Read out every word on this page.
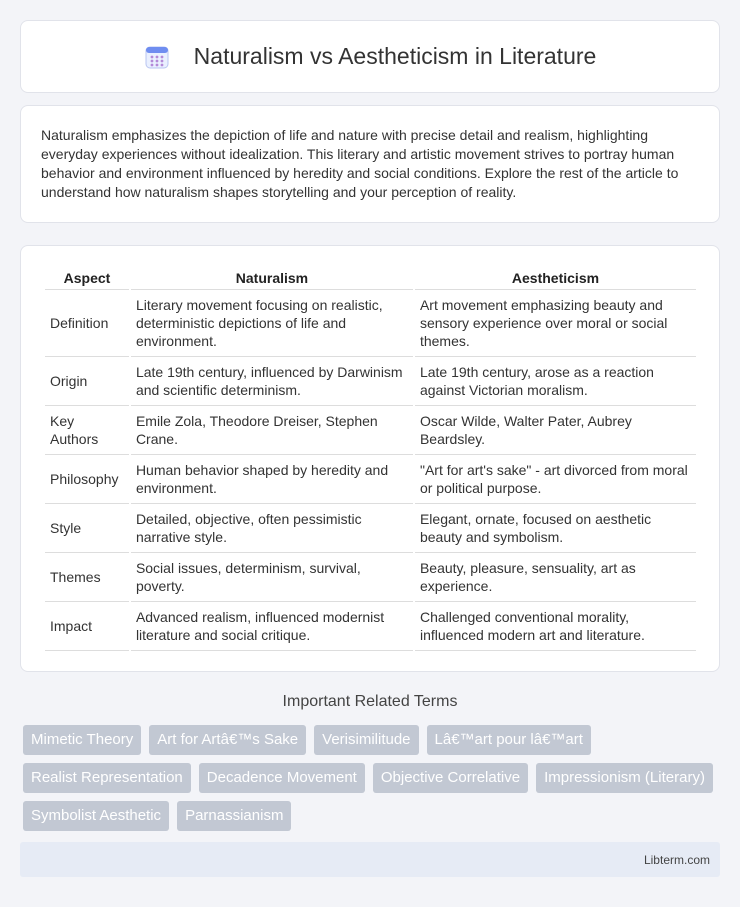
Naturalism vs Aestheticism in Literature

Naturalism emphasizes the depiction of life and nature with precise detail and realism, highlighting everyday experiences without idealization. This literary and artistic movement strives to portray human behavior and environment influenced by heredity and social conditions. Explore the rest of the article to understand how naturalism shapes storytelling and your perception of reality.

Aspect	Naturalism	Aestheticism
Definition	Literary movement focusing on realistic, deterministic depictions of life and environment.	Art movement emphasizing beauty and sensory experience over moral or social themes.
Origin	Late 19th century, influenced by Darwinism and scientific determinism.	Late 19th century, arose as a reaction against Victorian moralism.
Key Authors	Emile Zola, Theodore Dreiser, Stephen Crane.	Oscar Wilde, Walter Pater, Aubrey Beardsley.
Philosophy	Human behavior shaped by heredity and environment.	"Art for art's sake" - art divorced from moral or political purpose.
Style	Detailed, objective, often pessimistic narrative style.	Elegant, ornate, focused on aesthetic beauty and symbolism.
Themes	Social issues, determinism, survival, poverty.	Beauty, pleasure, sensuality, art as experience.
Impact	Advanced realism, influenced modernist literature and social critique.	Challenged conventional morality, influenced modern art and literature.
Important Related Terms
Mimetic Theory	Art for Artâ€™s Sake	Verisimilitude	Lâ€™art pour lâ€™art
Realist Representation	Decadence Movement	Objective Correlative	Impressionism (Literary)
Symbolist Aesthetic	Parnassianism
Libterm.com
